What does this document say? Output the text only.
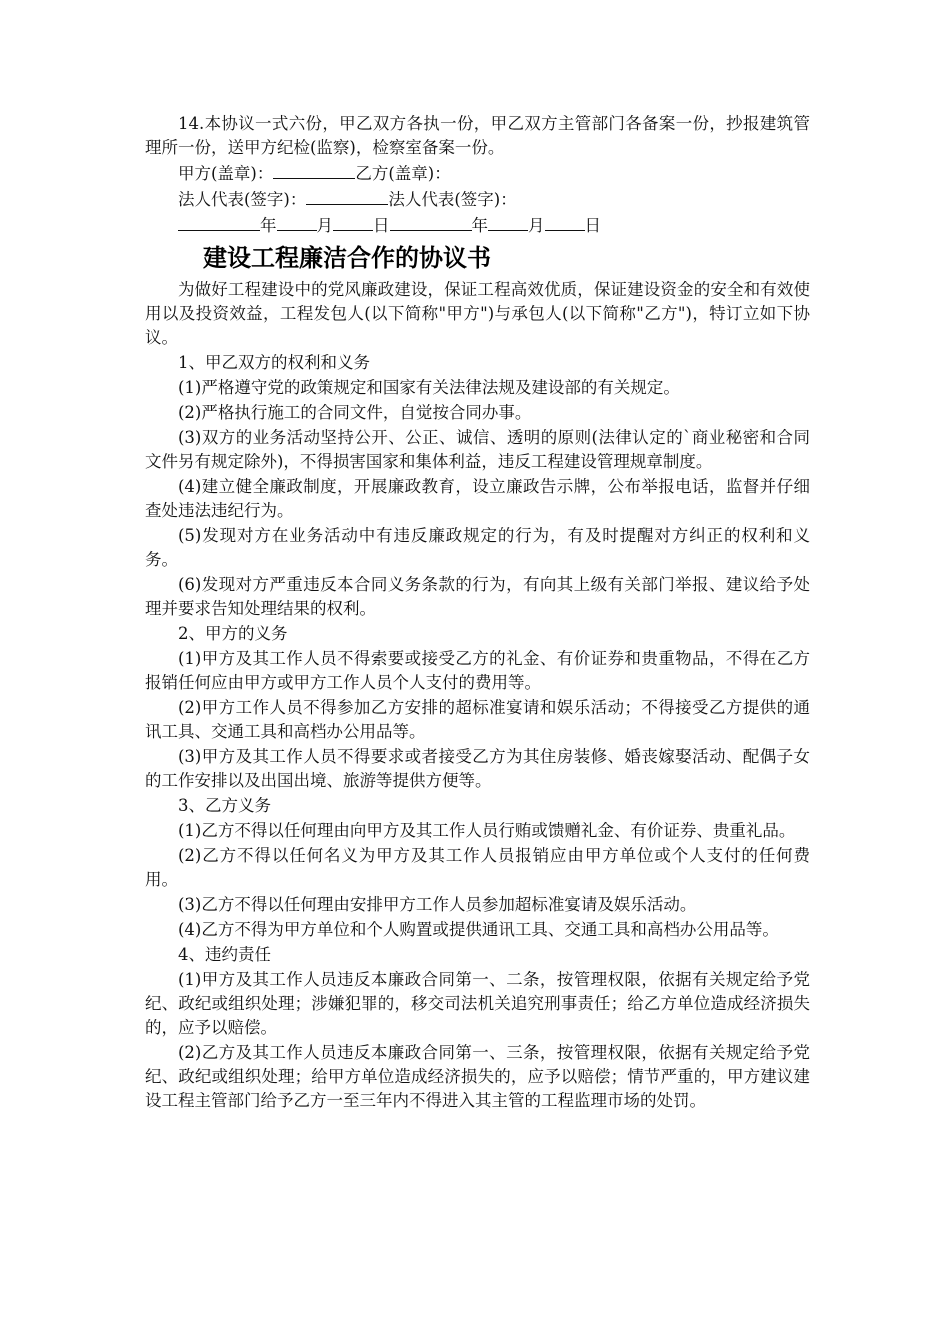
14.本协议一式六份，甲乙双方各执一份，甲乙双方主管部门各备案一份，抄报建筑管理所一份，送甲方纪检(监察)，检察室备案一份。

甲方(盖章)：	乙方(盖章)：

法人代表(签字)：	法人代表(签字)：

年 月 日	年 月 日

建设工程廉洁合作的协议书

为做好工程建设中的党风廉政建设，保证工程高效优质，保证建设资金的安全和有效使用以及投资效益，工程发包人(以下简称"甲方")与承包人(以下简称"乙方")，特订立如下协议。

1、甲乙双方的权利和义务

(1)严格遵守党的政策规定和国家有关法律法规及建设部的有关规定。

(2)严格执行施工的合同文件，自觉按合同办事。

(3)双方的业务活动坚持公开、公正、诚信、透明的原则(法律认定的`商业秘密和合同文件另有规定除外)，不得损害国家和集体利益，违反工程建设管理规章制度。

(4)建立健全廉政制度，开展廉政教育，设立廉政告示牌，公布举报电话，监督并仔细查处违法违纪行为。

(5)发现对方在业务活动中有违反廉政规定的行为，有及时提醒对方纠正的权利和义务。

(6)发现对方严重违反本合同义务条款的行为，有向其上级有关部门举报、建议给予处理并要求告知处理结果的权利。

2、甲方的义务

(1)甲方及其工作人员不得索要或接受乙方的礼金、有价证券和贵重物品，不得在乙方报销任何应由甲方或甲方工作人员个人支付的费用等。

(2)甲方工作人员不得参加乙方安排的超标准宴请和娱乐活动；不得接受乙方提供的通讯工具、交通工具和高档办公用品等。

(3)甲方及其工作人员不得要求或者接受乙方为其住房装修、婚丧嫁娶活动、配偶子女的工作安排以及出国出境、旅游等提供方便等。

3、乙方义务

(1)乙方不得以任何理由向甲方及其工作人员行贿或馈赠礼金、有价证券、贵重礼品。

(2)乙方不得以任何名义为甲方及其工作人员报销应由甲方单位或个人支付的任何费用。

(3)乙方不得以任何理由安排甲方工作人员参加超标准宴请及娱乐活动。

(4)乙方不得为甲方单位和个人购置或提供通讯工具、交通工具和高档办公用品等。

4、违约责任

(1)甲方及其工作人员违反本廉政合同第一、二条，按管理权限，依据有关规定给予党纪、政纪或组织处理；涉嫌犯罪的，移交司法机关追究刑事责任；给乙方单位造成经济损失的，应予以赔偿。

(2)乙方及其工作人员违反本廉政合同第一、三条，按管理权限，依据有关规定给予党纪、政纪或组织处理；给甲方单位造成经济损失的，应予以赔偿；情节严重的，甲方建议建设工程主管部门给予乙方一至三年内不得进入其主管的工程监理市场的处罚。
